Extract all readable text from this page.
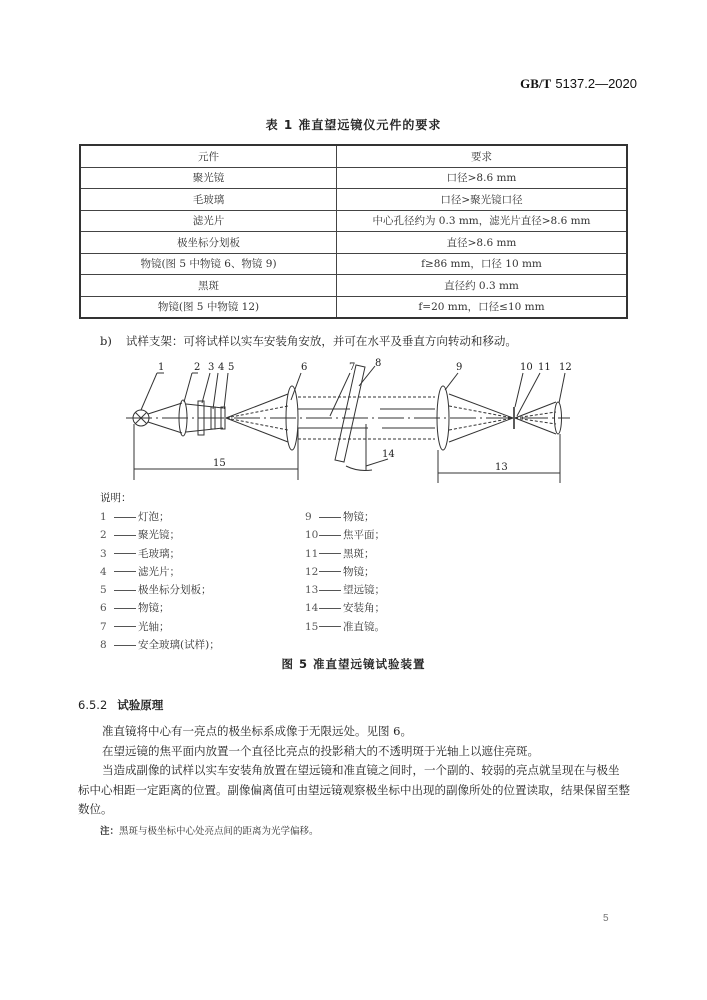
GB/T 5137.2—2020
表 1 准直望远镜仪元件的要求
元件	要求
聚光镜	口径>8.6 mm
毛玻璃	口径>聚光镜口径
滤光片	中心孔径约为 0.3 mm，滤光片直径>8.6 mm
极坐标分划板	直径>8.6 mm
物镜(图 5 中物镜 6、物镜 9)	f≥86 mm，口径 10 mm
黑斑	直径约 0.3 mm
物镜(图 5 中物镜 12)	f=20 mm，口径≤10 mm
b) 试样支架：可将试样以实车安装角安放，并可在水平及垂直方向转动和移动。
1	2 3 4 5	6	7 8	9	10 11 12
13
14
15
说明：
1	灯泡；
2	聚光镜；
3	毛玻璃；
4	滤光片；
5	极坐标分划板；
6	物镜；
7	光轴；
8	安全玻璃(试样)；
9	物镜；
10 焦平面；
11 黑斑；
12 物镜；
13 望远镜；
14 安装角；
15 准直镜。
图 5 准直望远镜试验装置
6.5.2 试验原理

准直镜将中心有一亮点的极坐标系成像于无限远处。见图 6。

在望远镜的焦平面内放置一个直径比亮点的投影稍大的不透明斑于光轴上以遮住亮斑。

当造成副像的试样以实车安装角放置在望远镜和准直镜之间时，一个副的、较弱的亮点就呈现在与极坐标中心相距一定距离的位置。副像偏离值可由望远镜观察极坐标中出现的副像所处的位置读取，结果保留至整数位。

注：黑斑与极坐标中心处亮点间的距离为光学偏移。
5
